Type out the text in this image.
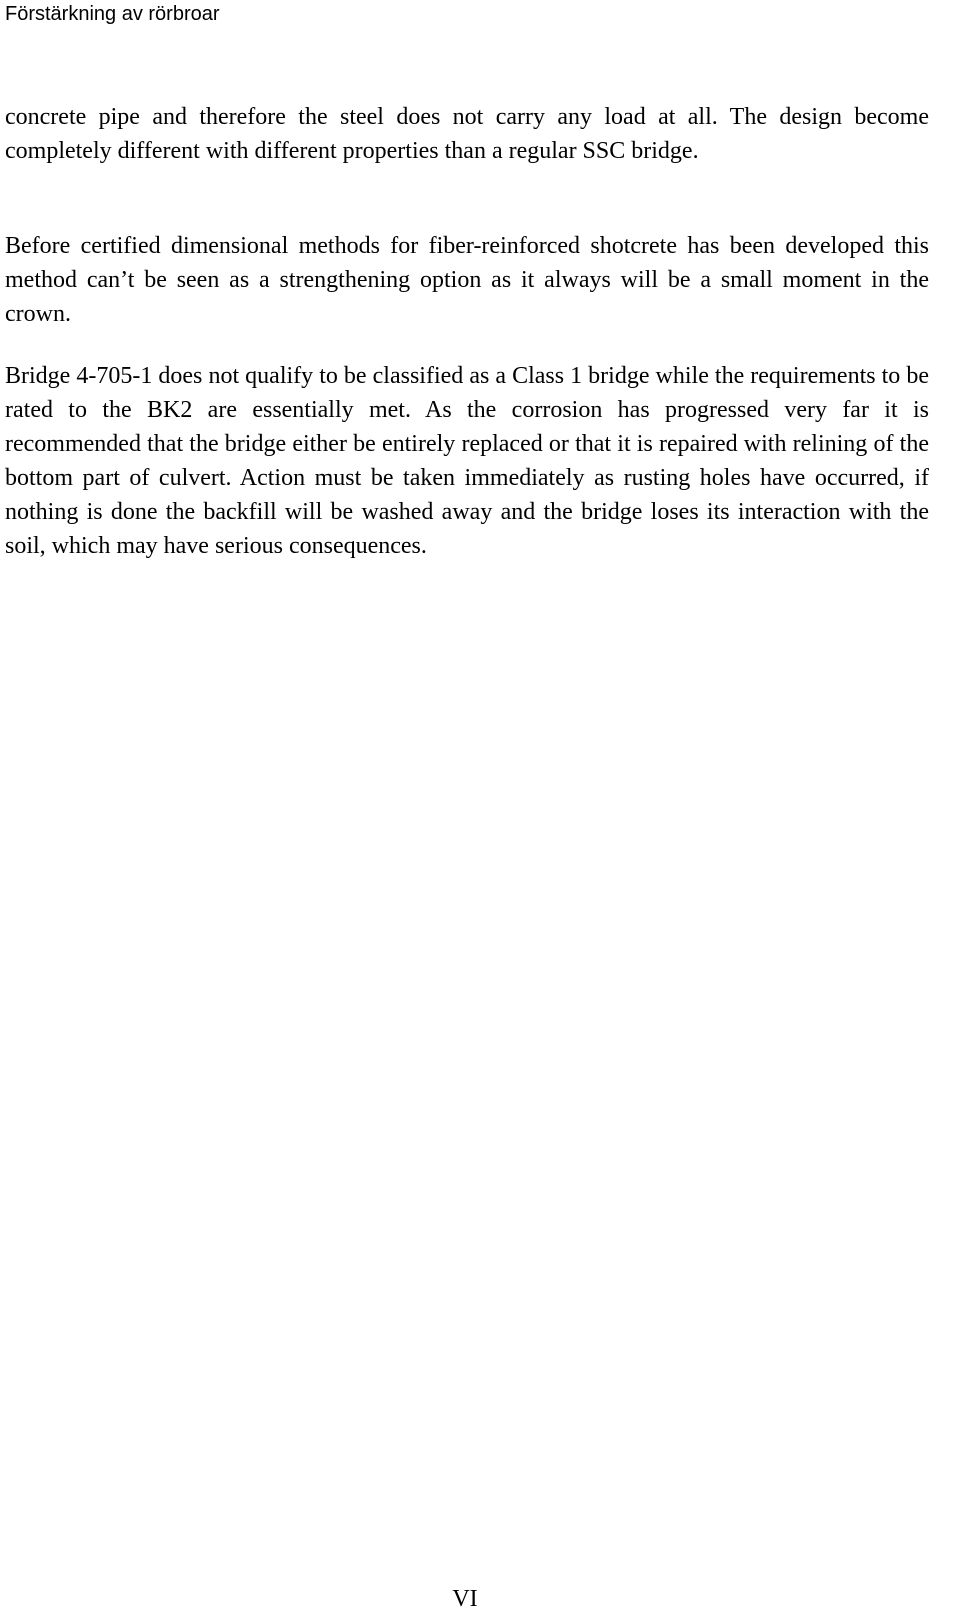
Förstärkning av rörbroar

concrete pipe and therefore the steel does not carry any load at all. The design become completely different with different properties than a regular SSC bridge.

Before certified dimensional methods for fiber-reinforced shotcrete has been developed this method can’t be seen as a strengthening option as it always will be a small moment in the crown.

Bridge 4-705-1 does not qualify to be classified as a Class 1 bridge while the requirements to be rated to the BK2 are essentially met. As the corrosion has progressed very far it is recommended that the bridge either be entirely replaced or that it is repaired with relining of the bottom part of culvert. Action must be taken immediately as rusting holes have occurred, if nothing is done the backfill will be washed away and the bridge loses its interaction with the soil, which may have serious consequences.

VI
